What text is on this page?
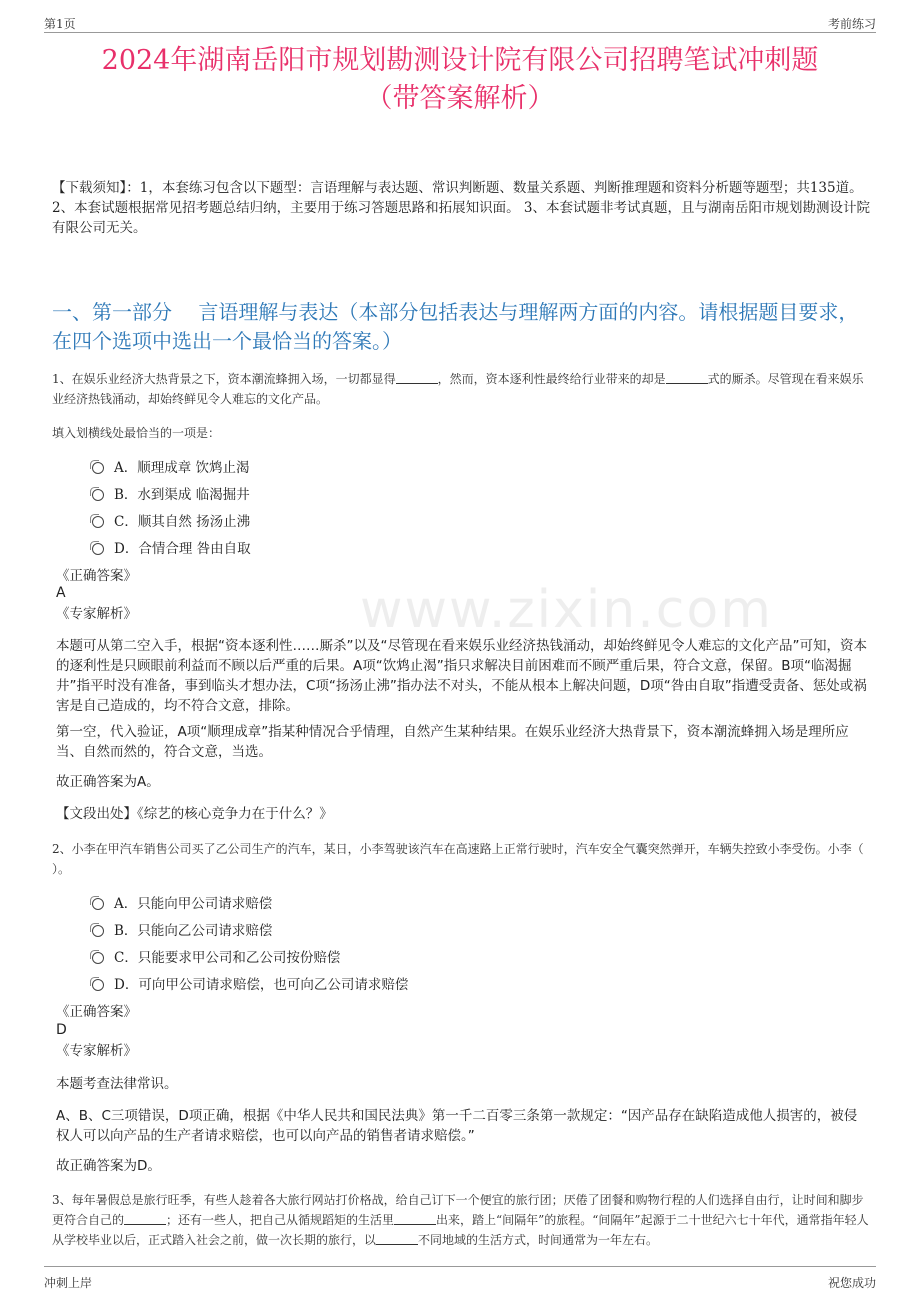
第1页	考前练习
www.zixin.com
2024年湖南岳阳市规划勘测设计院有限公司招聘笔试冲刺题
（带答案解析）
【下载须知】：1，本套练习包含以下题型：言语理解与表达题、常识判断题、数量关系题、判断推理题和资料分析题等题型；共135道。 2、本套试题根据常见招考题总结归纳，主要用于练习答题思路和拓展知识面。 3、本套试题非考试真题，且与湖南岳阳市规划勘测设计院有限公司无关。
一、第一部分　 言语理解与表达（本部分包括表达与理解两方面的内容。请根据题目要求，在四个选项中选出一个最恰当的答案。）
1、在娱乐业经济大热背景之下，资本潮流蜂拥入场，一切都显得	，然而，资本逐利性最终给行业带来的却是	式的厮杀。尽管现在看来娱乐业经济热钱涌动，却始终鲜见令人难忘的文化产品。
填入划横线处最恰当的一项是：
A．顺理成章 饮鸩止渴
B．水到渠成 临渴掘井
C．顺其自然 扬汤止沸
D．合情合理 咎由自取
《正确答案》
A
《专家解析》
本题可从第二空入手，根据“资本逐利性……厮杀”以及“尽管现在看来娱乐业经济热钱涌动，却始终鲜见令人难忘的文化产品”可知，资本的逐利性是只顾眼前利益而不顾以后严重的后果。A项“饮鸩止渴”指只求解决目前困难而不顾严重后果，符合文意，保留。B项“临渴掘井”指平时没有准备，事到临头才想办法，C项“扬汤止沸”指办法不对头，不能从根本上解决问题，D项“咎由自取”指遭受责备、惩处或祸害是自己造成的，均不符合文意，排除。
第一空，代入验证，A项“顺理成章”指某种情况合乎情理，自然产生某种结果。在娱乐业经济大热背景下，资本潮流蜂拥入场是理所应当、自然而然的，符合文意，当选。
故正确答案为A。
【文段出处】《综艺的核心竞争力在于什么？》
2、小李在甲汽车销售公司买了乙公司生产的汽车，某日，小李驾驶该汽车在高速路上正常行驶时，汽车安全气囊突然弹开，车辆失控致小李受伤。小李（ ）。
A．只能向甲公司请求赔偿
B．只能向乙公司请求赔偿
C．只能要求甲公司和乙公司按份赔偿
D．可向甲公司请求赔偿，也可向乙公司请求赔偿
《正确答案》
D
《专家解析》
本题考查法律常识。
A、B、C三项错误，D项正确，根据《中华人民共和国民法典》第一千二百零三条第一款规定：“因产品存在缺陷造成他人损害的，被侵权人可以向产品的生产者请求赔偿，也可以向产品的销售者请求赔偿。”
故正确答案为D。
3、每年暑假总是旅行旺季，有些人趁着各大旅行网站打价格战，给自己订下一个便宜的旅行团；厌倦了团餐和购物行程的人们选择自由行，让时间和脚步更符合自己的	；还有一些人，把自己从循规蹈矩的生活里	出来，踏上“间隔年”的旅程。“间隔年”起源于二十世纪六七十年代，通常指年轻人从学校毕业以后，正式踏入社会之前，做一次长期的旅行，以	不同地域的生活方式，时间通常为一年左右。
冲刺上岸	祝您成功
